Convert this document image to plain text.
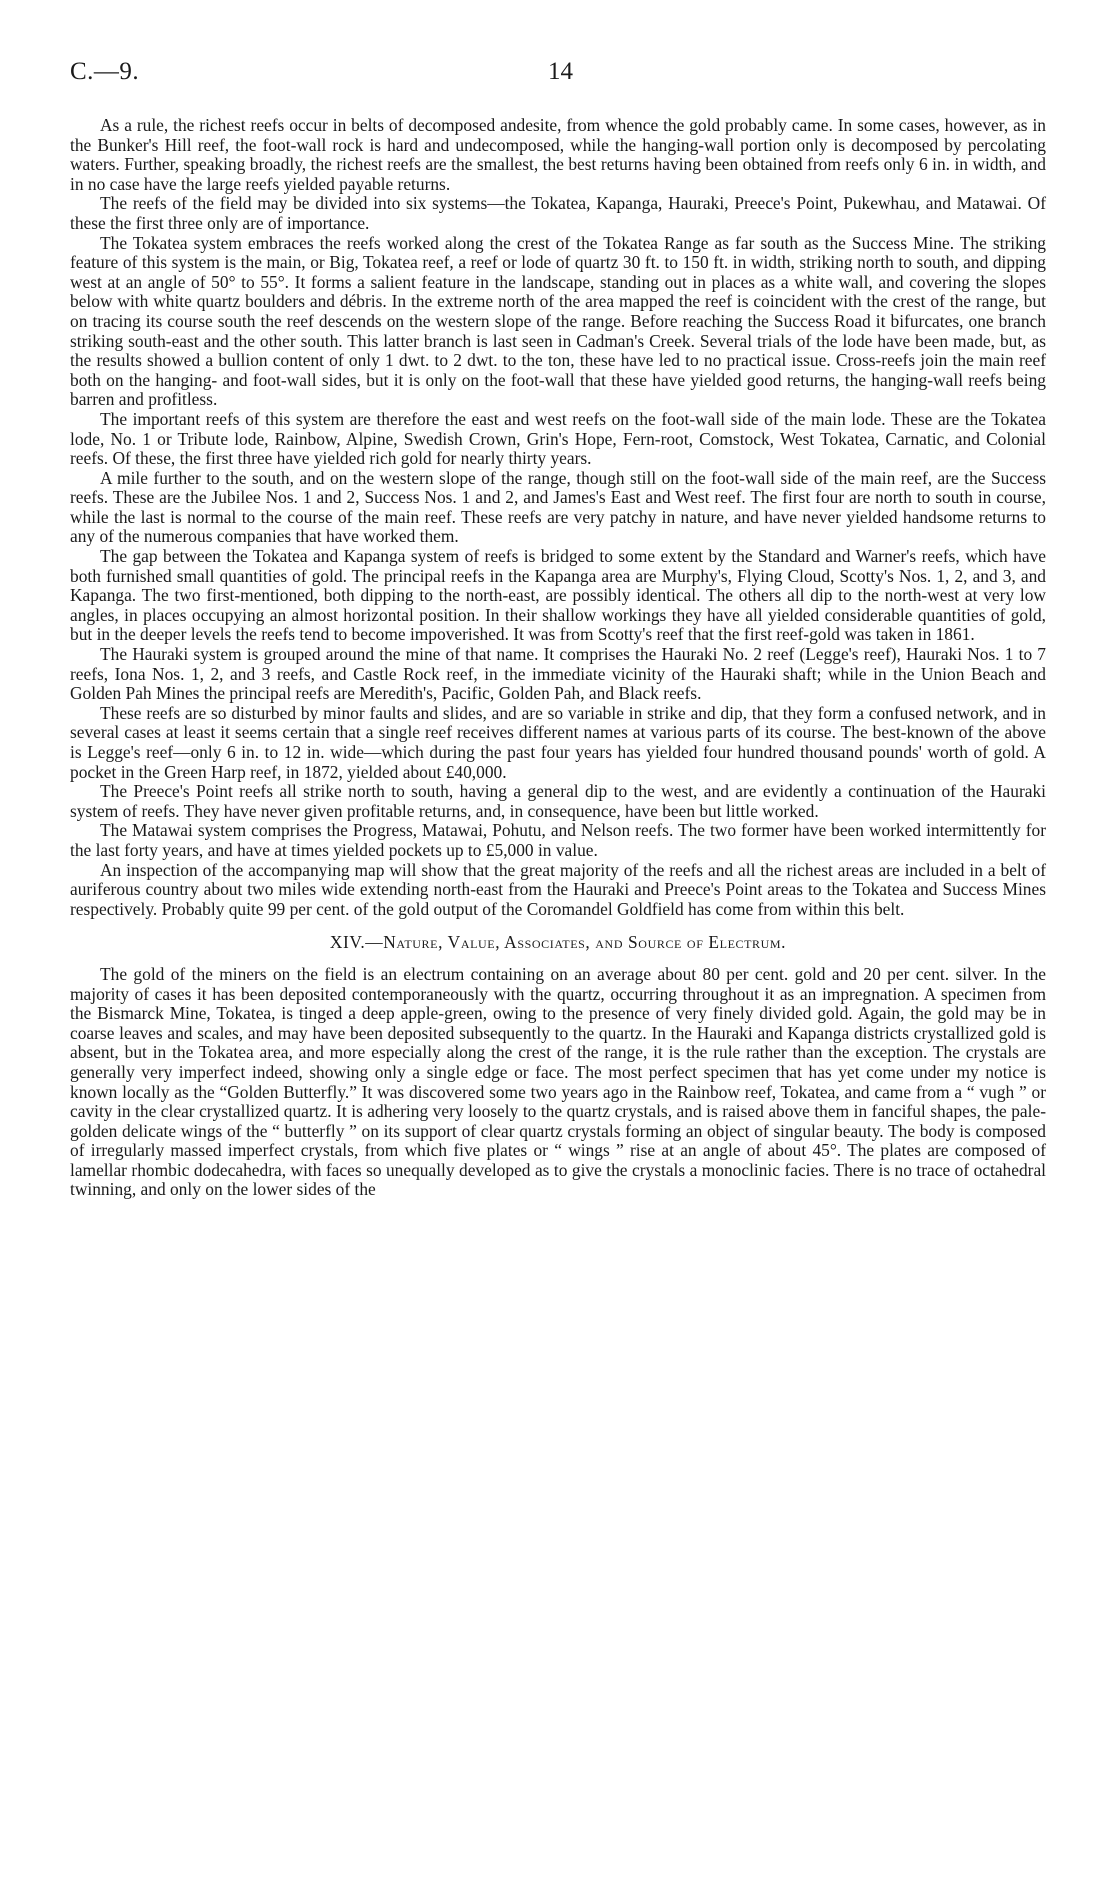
C.—9.	14

As a rule, the richest reefs occur in belts of decomposed andesite, from whence the gold probably came. In some cases, however, as in the Bunker's Hill reef, the foot-wall rock is hard and undecomposed, while the hanging-wall portion only is decomposed by percolating waters. Further, speaking broadly, the richest reefs are the smallest, the best returns having been obtained from reefs only 6 in. in width, and in no case have the large reefs yielded payable returns.

The reefs of the field may be divided into six systems—the Tokatea, Kapanga, Hauraki, Preece's Point, Pukewhau, and Matawai. Of these the first three only are of importance.

The Tokatea system embraces the reefs worked along the crest of the Tokatea Range as far south as the Success Mine. The striking feature of this system is the main, or Big, Tokatea reef, a reef or lode of quartz 30 ft. to 150 ft. in width, striking north to south, and dipping west at an angle of 50° to 55°. It forms a salient feature in the landscape, standing out in places as a white wall, and covering the slopes below with white quartz boulders and débris. In the extreme north of the area mapped the reef is coincident with the crest of the range, but on tracing its course south the reef descends on the western slope of the range. Before reaching the Success Road it bifurcates, one branch striking south-east and the other south. This latter branch is last seen in Cadman's Creek. Several trials of the lode have been made, but, as the results showed a bullion content of only 1 dwt. to 2 dwt. to the ton, these have led to no practical issue. Cross-reefs join the main reef both on the hanging- and foot-wall sides, but it is only on the foot-wall that these have yielded good returns, the hanging-wall reefs being barren and profitless.

The important reefs of this system are therefore the east and west reefs on the foot-wall side of the main lode. These are the Tokatea lode, No. 1 or Tribute lode, Rainbow, Alpine, Swedish Crown, Grin's Hope, Fern-root, Comstock, West Tokatea, Carnatic, and Colonial reefs. Of these, the first three have yielded rich gold for nearly thirty years.

A mile further to the south, and on the western slope of the range, though still on the foot-wall side of the main reef, are the Success reefs. These are the Jubilee Nos. 1 and 2, Success Nos. 1 and 2, and James's East and West reef. The first four are north to south in course, while the last is normal to the course of the main reef. These reefs are very patchy in nature, and have never yielded handsome returns to any of the numerous companies that have worked them.

The gap between the Tokatea and Kapanga system of reefs is bridged to some extent by the Standard and Warner's reefs, which have both furnished small quantities of gold. The principal reefs in the Kapanga area are Murphy's, Flying Cloud, Scotty's Nos. 1, 2, and 3, and Kapanga. The two first-mentioned, both dipping to the north-east, are possibly identical. The others all dip to the north-west at very low angles, in places occupying an almost horizontal position. In their shallow workings they have all yielded considerable quantities of gold, but in the deeper levels the reefs tend to become impoverished. It was from Scotty's reef that the first reef-gold was taken in 1861.

The Hauraki system is grouped around the mine of that name. It comprises the Hauraki No. 2 reef (Legge's reef), Hauraki Nos. 1 to 7 reefs, Iona Nos. 1, 2, and 3 reefs, and Castle Rock reef, in the immediate vicinity of the Hauraki shaft; while in the Union Beach and Golden Pah Mines the principal reefs are Meredith's, Pacific, Golden Pah, and Black reefs.

These reefs are so disturbed by minor faults and slides, and are so variable in strike and dip, that they form a confused network, and in several cases at least it seems certain that a single reef receives different names at various parts of its course. The best-known of the above is Legge's reef—only 6 in. to 12 in. wide—which during the past four years has yielded four hundred thousand pounds' worth of gold. A pocket in the Green Harp reef, in 1872, yielded about £40,000.

The Preece's Point reefs all strike north to south, having a general dip to the west, and are evidently a continuation of the Hauraki system of reefs. They have never given profitable returns, and, in consequence, have been but little worked.

The Matawai system comprises the Progress, Matawai, Pohutu, and Nelson reefs. The two former have been worked intermittently for the last forty years, and have at times yielded pockets up to £5,000 in value.

An inspection of the accompanying map will show that the great majority of the reefs and all the richest areas are included in a belt of auriferous country about two miles wide extending north-east from the Hauraki and Preece's Point areas to the Tokatea and Success Mines respectively. Probably quite 99 per cent. of the gold output of the Coromandel Goldfield has come from within this belt.

XIV.—Nature, Value, Associates, and Source of Electrum.

The gold of the miners on the field is an electrum containing on an average about 80 per cent. gold and 20 per cent. silver. In the majority of cases it has been deposited contemporaneously with the quartz, occurring throughout it as an impregnation. A specimen from the Bismarck Mine, Tokatea, is tinged a deep apple-green, owing to the presence of very finely divided gold. Again, the gold may be in coarse leaves and scales, and may have been deposited subsequently to the quartz. In the Hauraki and Kapanga districts crystallized gold is absent, but in the Tokatea area, and more especially along the crest of the range, it is the rule rather than the exception. The crystals are generally very imperfect indeed, showing only a single edge or face. The most perfect specimen that has yet come under my notice is known locally as the “Golden Butterfly.” It was discovered some two years ago in the Rainbow reef, Tokatea, and came from a “ vugh ” or cavity in the clear crystallized quartz. It is adhering very loosely to the quartz crystals, and is raised above them in fanciful shapes, the pale-golden delicate wings of the “ butterfly ” on its support of clear quartz crystals forming an object of singular beauty. The body is composed of irregularly massed imperfect crystals, from which five plates or “ wings ” rise at an angle of about 45°. The plates are composed of lamellar rhombic dodecahedra, with faces so unequally developed as to give the crystals a monoclinic facies. There is no trace of octahedral twinning, and only on the lower sides of the
